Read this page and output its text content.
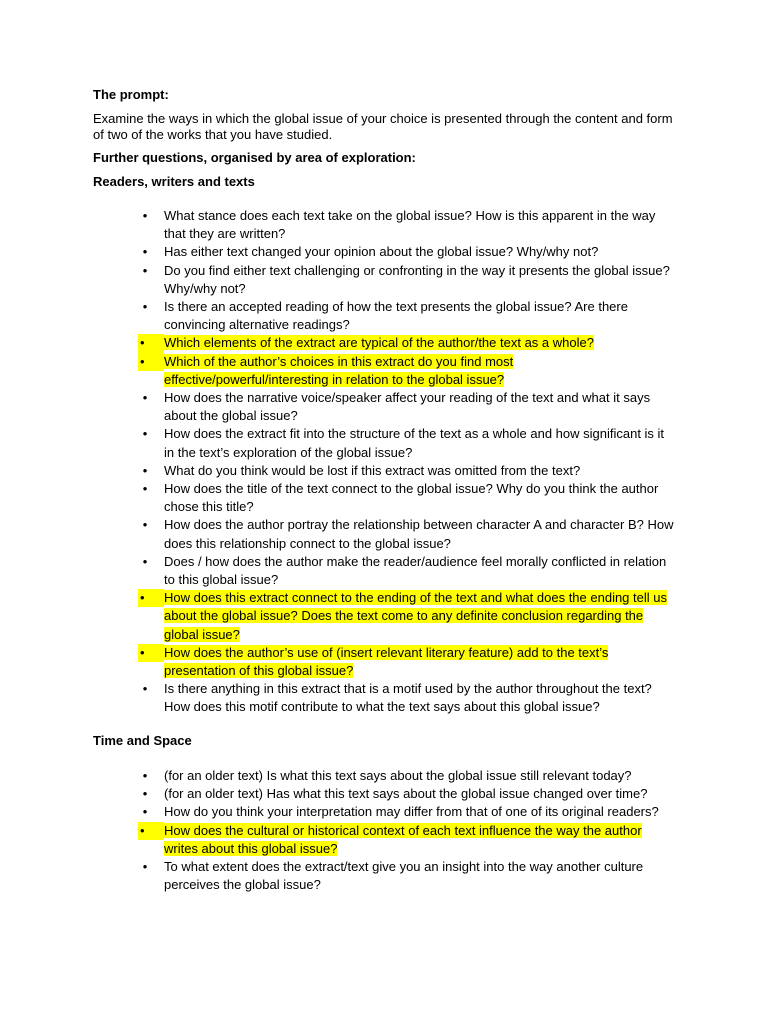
The prompt:

Examine the ways in which the global issue of your choice is presented through the content and form of two of the works that you have studied.

Further questions, organised by area of exploration:

Readers, writers and texts

• What stance does each text take on the global issue? How is this apparent in the way that they are written?
• Has either text changed your opinion about the global issue? Why/why not?
• Do you find either text challenging or confronting in the way it presents the global issue? Why/why not?
• Is there an accepted reading of how the text presents the global issue? Are there convincing alternative readings?
•	Which elements of the extract are typical of the author/the text as a whole?
•	Which of the author’s choices in this extract do you find most effective/powerful/interesting in relation to the global issue?
• How does the narrative voice/speaker affect your reading of the text and what it says about the global issue?
• How does the extract fit into the structure of the text as a whole and how significant is it in the text’s exploration of the global issue?
• What do you think would be lost if this extract was omitted from the text?
• How does the title of the text connect to the global issue? Why do you think the author chose this title?
• How does the author portray the relationship between character A and character B? How does this relationship connect to the global issue?
• Does / how does the author make the reader/audience feel morally conflicted in relation to this global issue?
•	How does this extract connect to the ending of the text and what does the ending tell us about the global issue? Does the text come to any definite conclusion regarding the global issue?
•	How does the author’s use of (insert relevant literary feature) add to the text’s presentation of this global issue?
• Is there anything in this extract that is a motif used by the author throughout the text? How does this motif contribute to what the text says about this global issue?

Time and Space

• (for an older text) Is what this text says about the global issue still relevant today?
• (for an older text) Has what this text says about the global issue changed over time?
• How do you think your interpretation may differ from that of one of its original readers?
•	How does the cultural or historical context of each text influence the way the author writes about this global issue?
• To what extent does the extract/text give you an insight into the way another culture perceives the global issue?
